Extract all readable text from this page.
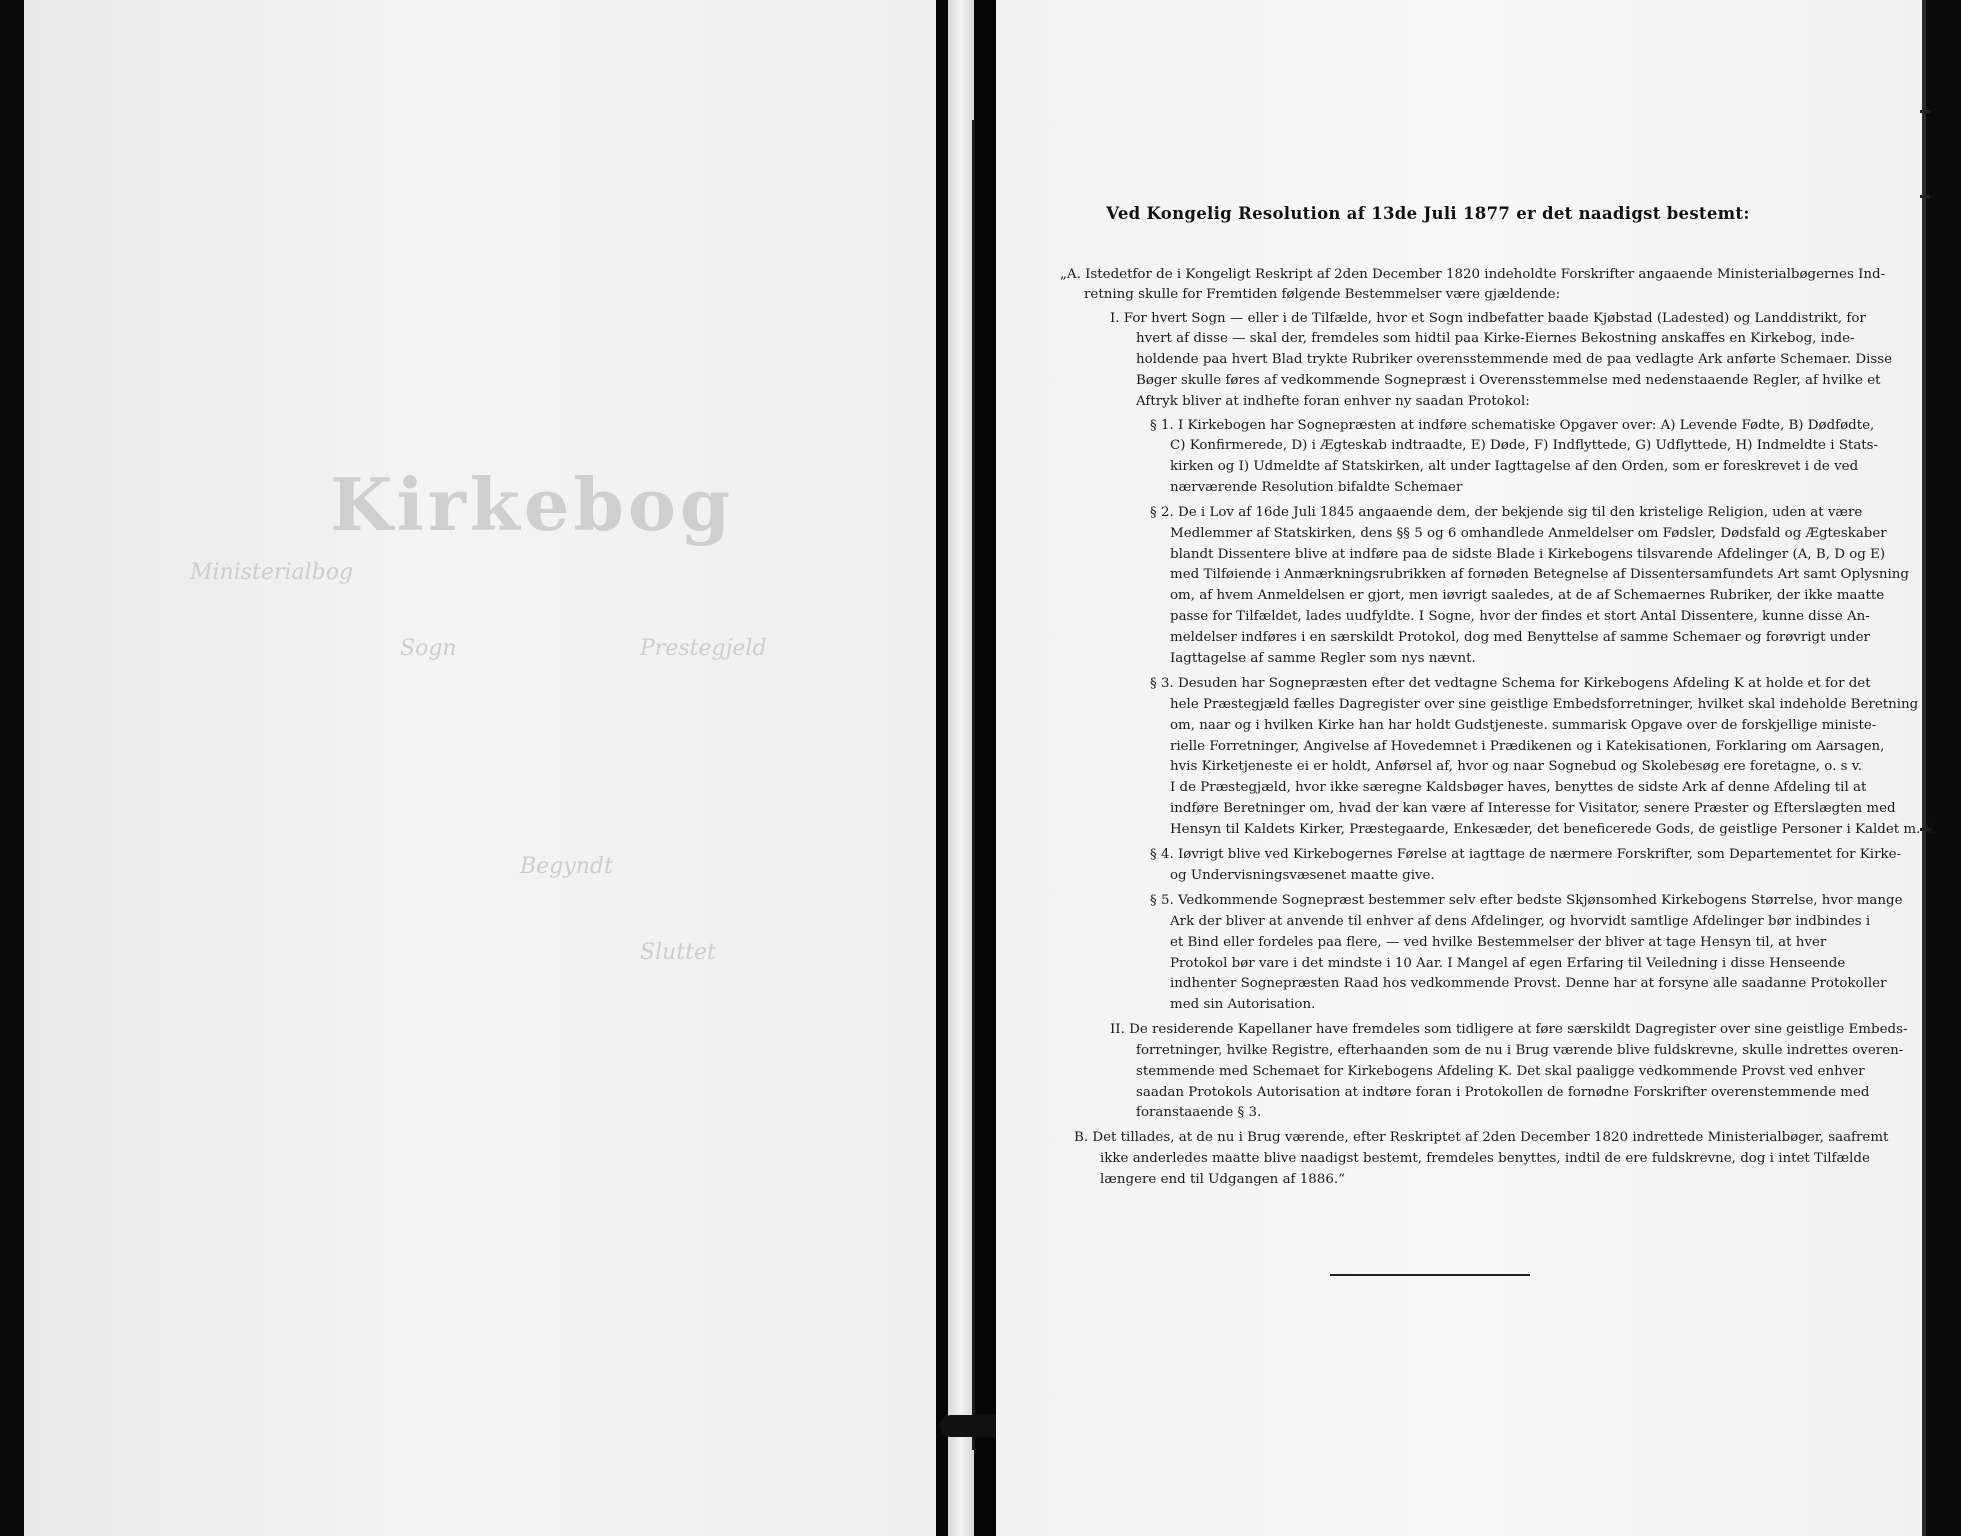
Kirkebog
Ministerialbog
Prestegjeld
Sogn
Begyndt
Sluttet
Ved Kongelig Resolution af 13de Juli 1877 er det naadigst bestemt:
„A. Istedetfor de i Kongeligt Reskript af 2den December 1820 indeholdte Forskrifter angaaende Ministerialbøgernes Ind-
retning skulle for Fremtiden følgende Bestemmelser være gjældende:
I. For hvert Sogn — eller i de Tilfælde, hvor et Sogn indbefatter baade Kjøbstad (Ladested) og Landdistrikt, for
hvert af disse — skal der, fremdeles som hidtil paa Kirke-Eiernes Bekostning anskaffes en Kirkebog, inde-
holdende paa hvert Blad trykte Rubriker overensstemmende med de paa vedlagte Ark anførte Schemaer. Disse
Bøger skulle føres af vedkommende Sognepræst i Overensstemmelse med nedenstaaende Regler, af hvilke et
Aftryk bliver at indhefte foran enhver ny saadan Protokol:
§ 1. I Kirkebogen har Sognepræsten at indføre schematiske Opgaver over: A) Levende Fødte, B) Dødfødte,
C) Konfirmerede, D) i Ægteskab indtraadte, E) Døde, F) Indflyttede, G) Udflyttede, H) Indmeldte i Stats-
kirken og I) Udmeldte af Statskirken, alt under Iagttagelse af den Orden, som er foreskrevet i de ved
nærværende Resolution bifaldte Schemaer
§ 2. De i Lov af 16de Juli 1845 angaaende dem, der bekjende sig til den kristelige Religion, uden at være
Medlemmer af Statskirken, dens §§ 5 og 6 omhandlede Anmeldelser om Fødsler, Dødsfald og Ægteskaber
blandt Dissentere blive at indføre paa de sidste Blade i Kirkebogens tilsvarende Afdelinger (A, B, D og E)
med Tilføiende i Anmærkningsrubrikken af fornøden Betegnelse af Dissentersamfundets Art samt Oplysning
om, af hvem Anmeldelsen er gjort, men iøvrigt saaledes, at de af Schemaernes Rubriker, der ikke maatte
passe for Tilfældet, lades uudfyldte. I Sogne, hvor der findes et stort Antal Dissentere, kunne disse An-
meldelser indføres i en særskildt Protokol, dog med Benyttelse af samme Schemaer og forøvrigt under
Iagttagelse af samme Regler som nys nævnt.
§ 3. Desuden har Sognepræsten efter det vedtagne Schema for Kirkebogens Afdeling K at holde et for det
hele Præstegjæld fælles Dagregister over sine geistlige Embedsforretninger, hvilket skal indeholde Beretning
om, naar og i hvilken Kirke han har holdt Gudstjeneste. summarisk Opgave over de forskjellige ministe-
rielle Forretninger, Angivelse af Hovedemnet i Prædikenen og i Katekisationen, Forklaring om Aarsagen,
hvis Kirketjeneste ei er holdt, Anførsel af, hvor og naar Sognebud og Skolebesøg ere foretagne, o. s v.
I de Præstegjæld, hvor ikke særegne Kaldsbøger haves, benyttes de sidste Ark af denne Afdeling til at
indføre Beretninger om, hvad der kan være af Interesse for Visitator, senere Præster og Efterslægten med
Hensyn til Kaldets Kirker, Præstegaarde, Enkesæder, det beneficerede Gods, de geistlige Personer i Kaldet m. V.
§ 4. Iøvrigt blive ved Kirkebogernes Førelse at iagttage de nærmere Forskrifter, som Departementet for Kirke-
og Undervisningsvæsenet maatte give.
§ 5. Vedkommende Sognepræst bestemmer selv efter bedste Skjønsomhed Kirkebogens Størrelse, hvor mange
Ark der bliver at anvende til enhver af dens Afdelinger, og hvorvidt samtlige Afdelinger bør indbindes i
et Bind eller fordeles paa flere, — ved hvilke Bestemmelser der bliver at tage Hensyn til, at hver
Protokol bør vare i det mindste i 10 Aar. I Mangel af egen Erfaring til Veiledning i disse Henseende
indhenter Sognepræsten Raad hos vedkommende Provst. Denne har at forsyne alle saadanne Protokoller
med sin Autorisation.
II. De residerende Kapellaner have fremdeles som tidligere at føre særskildt Dagregister over sine geistlige Embeds-
forretninger, hvilke Registre, efterhaanden som de nu i Brug værende blive fuldskrevne, skulle indrettes overen-
stemmende med Schemaet for Kirkebogens Afdeling K. Det skal paaligge vedkommende Provst ved enhver
saadan Protokols Autorisation at indtøre foran i Protokollen de fornødne Forskrifter overenstemmende med
foranstaaende § 3.
B. Det tillades, at de nu i Brug værende, efter Reskriptet af 2den December 1820 indrettede Ministerialbøger, saafremt
ikke anderledes maatte blive naadigst bestemt, fremdeles benyttes, indtil de ere fuldskrevne, dog i intet Tilfælde
længere end til Udgangen af 1886.“
